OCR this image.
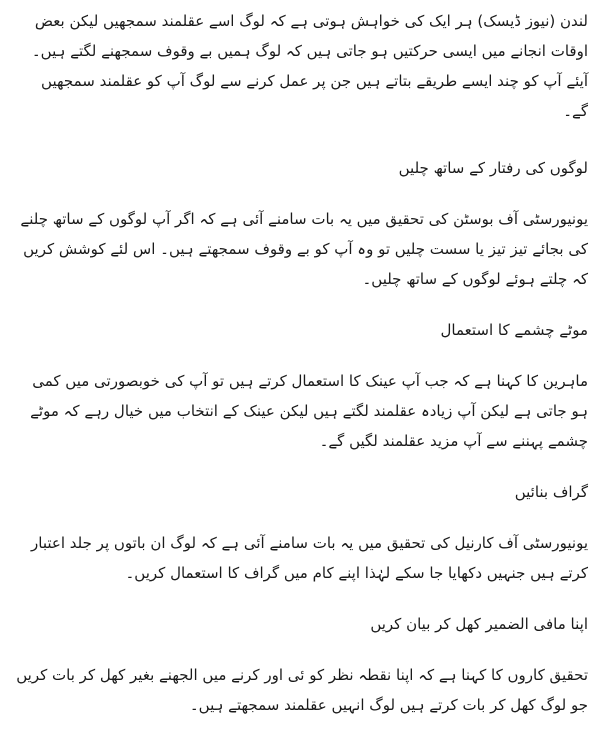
لندن (نیوز ڈیسک) ہر ایک کی خواہش ہوتی ہے کہ لوگ اسے عقلمند سمجھیں لیکن بعض اوقات انجانے میں ایسی حرکتیں ہو جاتی ہیں کہ لوگ ہمیں بے وقوف سمجھنے لگتے ہیں۔ آیئے آپ کو چند ایسے طریقے بتاتے ہیں جن پر عمل کرنے سے لوگ آپ کو عقلمند سمجھیں گے۔

لوگوں کی رفتار کے ساتھ چلیں

یونیورسٹی آف بوسٹن کی تحقیق میں یہ بات سامنے آئی ہے کہ اگر آپ لوگوں کے ساتھ چلنے کی بجائے تیز تیز یا سست چلیں تو وہ آپ کو بے وقوف سمجھتے ہیں۔ اس لئے کوشش کریں کہ چلتے ہوئے لوگوں کے ساتھ چلیں۔

موٹے چشمے کا استعمال

ماہرین کا کہنا ہے کہ جب آپ عینک کا استعمال کرتے ہیں تو آپ کی خوبصورتی میں کمی ہو جاتی ہے لیکن آپ زیادہ عقلمند لگتے ہیں لیکن عینک کے انتخاب میں خیال رہے کہ موٹے چشمے پہننے سے آپ مزید عقلمند لگیں گے۔

گراف بنائیں

یونیورسٹی آف کارنیل کی تحقیق میں یہ بات سامنے آئی ہے کہ لوگ ان باتوں پر جلد اعتبار کرتے ہیں جنہیں دکھایا جا سکے لہٰذا اپنے کام میں گراف کا استعمال کریں۔

اپنا مافی الضمیر کھل کر بیان کریں

تحقیق کاروں کا کہنا ہے کہ اپنا نقطہ نظر کو ئی اور کرنے میں الجھنے بغیر کھل کر بات کریں جو لوگ کھل کر بات کرتے ہیں لوگ انہیں عقلمند سمجھتے ہیں۔
